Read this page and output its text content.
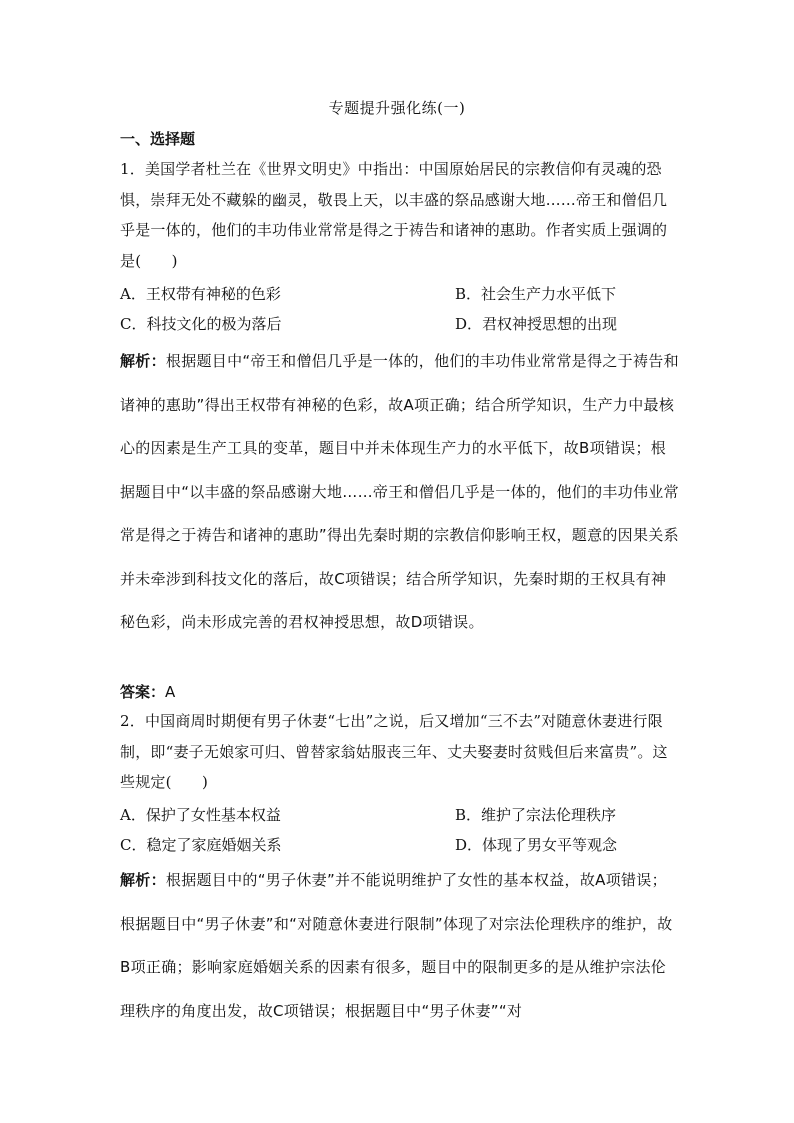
专题提升强化练(一)
一、选择题
1．美国学者杜兰在《世界文明史》中指出：中国原始居民的宗教信仰有灵魂的恐惧，崇拜无处不藏躲的幽灵，敬畏上天，以丰盛的祭品感谢大地……帝王和僧侣几乎是一体的，他们的丰功伟业常常是得之于祷告和诸神的惠助。作者实质上强调的是(　　)
A．王权带有神秘的色彩	B．社会生产力水平低下
C．科技文化的极为落后	D．君权神授思想的出现
解析：根据题目中“帝王和僧侣几乎是一体的，他们的丰功伟业常常是得之于祷告和诸神的惠助”得出王权带有神秘的色彩，故A项正确；结合所学知识，生产力中最核心的因素是生产工具的变革，题目中并未体现生产力的水平低下，故B项错误；根据题目中“以丰盛的祭品感谢大地……帝王和僧侣几乎是一体的，他们的丰功伟业常常是得之于祷告和诸神的惠助”得出先秦时期的宗教信仰影响王权，题意的因果关系并未牵涉到科技文化的落后，故C项错误；结合所学知识，先秦时期的王权具有神秘色彩，尚未形成完善的君权神授思想，故D项错误。
答案：A
2．中国商周时期便有男子休妻“七出”之说，后又增加“三不去”对随意休妻进行限制，即“妻子无娘家可归、曾替家翁姑服丧三年、丈夫娶妻时贫贱但后来富贵”。这些规定(　　)
A．保护了女性基本权益	B．维护了宗法伦理秩序
C．稳定了家庭婚姻关系	D．体现了男女平等观念
解析：根据题目中的“男子休妻”并不能说明维护了女性的基本权益，故A项错误；根据题目中“男子休妻”和“对随意休妻进行限制”体现了对宗法伦理秩序的维护，故B项正确；影响家庭婚姻关系的因素有很多，题目中的限制更多的是从维护宗法伦理秩序的角度出发，故C项错误；根据题目中“男子休妻”“对
